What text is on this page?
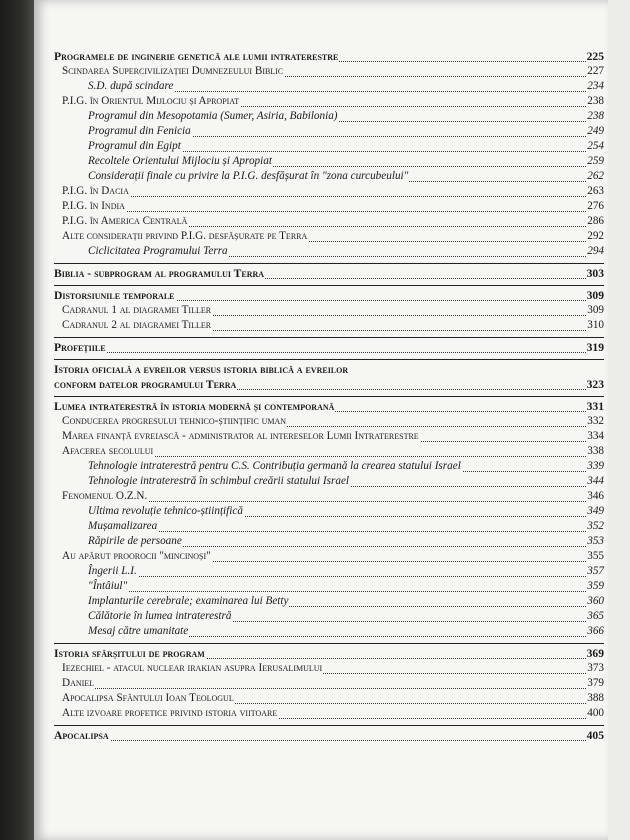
Programele de inginerie genetică ale lumii intraterestre	225
Scindarea Supercivilizației Dumnezeului Biblic	227
S.D. după scindare	234
P.I.G. în Orientul Mijlociu și Apropiat	238
Programul din Mesopotamia (Sumer, Asiria, Babilonia)	238
Programul din Fenicia	249
Programul din Egipt	254
Recoltele Orientului Mijlociu și Apropiat	259
Considerații finale cu privire la P.I.G. desfășurat în "zona curcubeului"	262
P.I.G. în Dacia	263
P.I.G. în India	276
P.I.G. în America Centrală	286
Alte considerații privind P.I.G. desfășurate pe Terra	292
Ciclicitatea Programului Terra	294
Biblia - subprogram al programului Terra	303
Distorsiunile temporale	309
Cadranul 1 al diagramei Tiller	309
Cadranul 2 al diagramei Tiller	310
Profețiile	319
Istoria oficială a evreilor versus istoria biblică a evreilor
conform datelor programului Terra	323
Lumea intraterestră în istoria modernă și contemporană	331
Conducerea progresului tehnico-științific uman	332
Marea finanță evreiască - administrator al intereselor Lumii Intraterestre	334
Afacerea secolului	338
Tehnologie intraterestră pentru C.S. Contribuția germană la crearea statului Israel	339
Tehnologie intraterestră în schimbul creării statului Israel	344
Fenomenul O.Z.N.	346
Ultima revoluție tehnico-științifică	349
Mușamalizarea	352
Răpirile de persoane	353
Au apărut proorocii "mincinoși"	355
Îngerii L.I.	357
"Întâiul"	359
Implanturile cerebrale; examinarea lui Betty	360
Călătorie în lumea intraterestră	365
Mesaj către umanitate	366
Istoria sfârșitului de program	369
Iezechiel - atacul nuclear irakian asupra Ierusalimului	373
Daniel	379
Apocalipsa Sfântului Ioan Teologul	388
Alte izvoare profetice privind istoria viitoare	400
Apocalipsa	405
